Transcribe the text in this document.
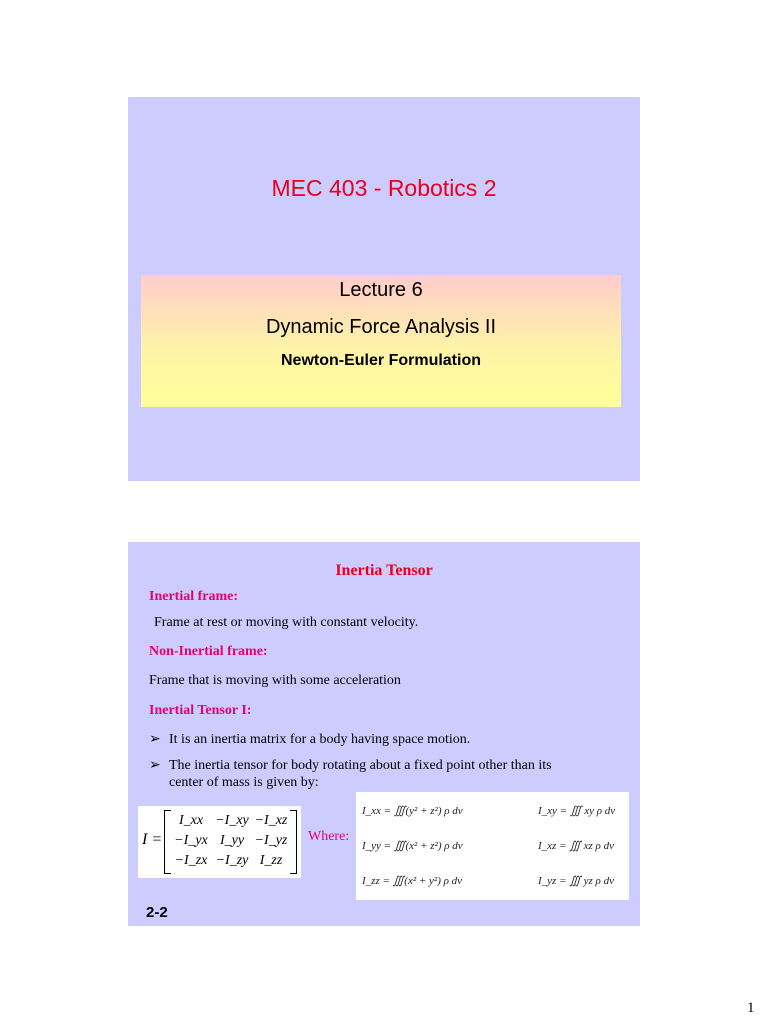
MEC 403 - Robotics 2
Lecture 6
Dynamic Force Analysis II
Newton-Euler Formulation
Inertia Tensor
Inertial frame:
Frame at rest or moving with constant velocity.
Non-Inertial frame:
Frame that is moving with some acceleration
Inertial Tensor I:
➢ It is an inertia matrix for a body having space motion.
➢ The inertia tensor for body rotating about a fixed point other than its center of mass is given by:
I =
I_xx −I_xy −I_xz
−I_yx I_yy −I_yz
−I_zx −I_zy I_zz
Where:
I_xx = ∭(y² + z²) ρ dv	I_xy = ∭ xy ρ dv
I_yy = ∭(x² + z²) ρ dv	I_xz = ∭ xz ρ dv
I_zz = ∭(x² + y²) ρ dv	I_yz = ∭ yz ρ dv
2-2
1
